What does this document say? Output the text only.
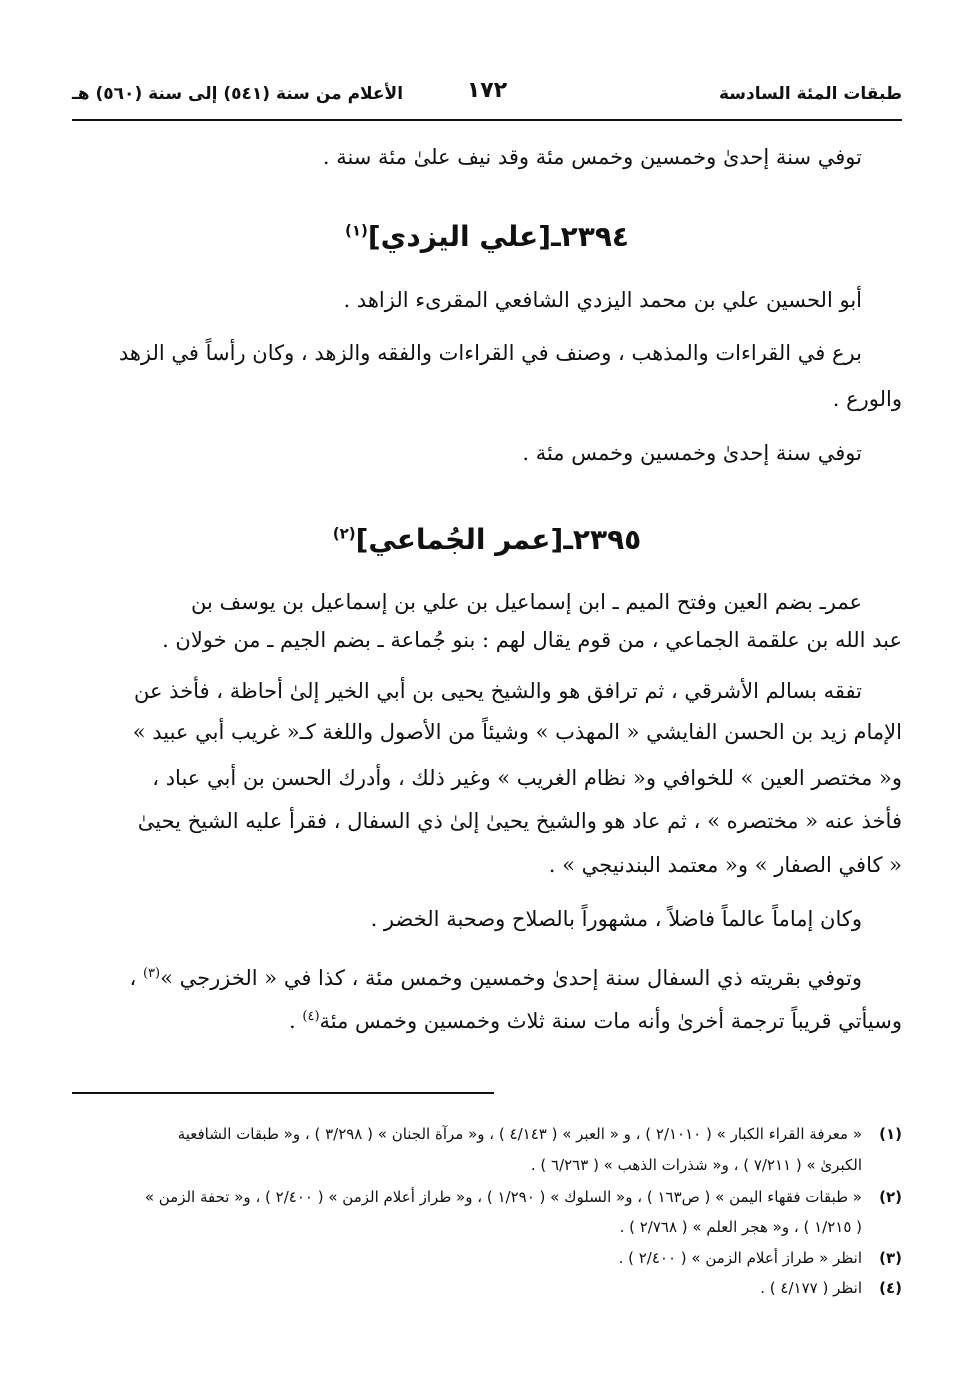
طبقات المئة السادسة
١٧٢
الأعلام من سنة (٥٤١) إلى سنة (٥٦٠) هـ
توفي سنة إحدىٰ وخمسين وخمس مئة وقد نيف علىٰ مئة سنة .
٢٣٩٤ـ[علي اليزدي]$^{(١)}$
أبو الحسين علي بن محمد اليزدي الشافعي المقرىء الزاهد .
برع في القراءات والمذهب ، وصنف في القراءات والفقه والزهد ، وكان رأساً في الزهد
والورع .
توفي سنة إحدىٰ وخمسين وخمس مئة .
٢٣٩٥ـ[عمر الجُماعي]$^{(٢)}$
عمرـ بضم العين وفتح الميم ـ ابن إسماعيل بن علي بن إسماعيل بن يوسف بن
عبد الله بن علقمة الجماعي ، من قوم يقال لهم : بنو جُماعة ـ بضم الجيم ـ من خولان .
تفقه بسالم الأشرقي ، ثم ترافق هو والشيخ يحيى بن أبي الخير إلىٰ أحاظة ، فأخذ عن
الإمام زيد بن الحسن الفايشي « المهذب » وشيئاً من الأصول واللغة كـ« غريب أبي عبيد »
و« مختصر العين » للخوافي و« نظام الغريب » وغير ذلك ، وأدرك الحسن بن أبي عباد ،
فأخذ عنه « مختصره » ، ثم عاد هو والشيخ يحيىٰ إلىٰ ذي السفال ، فقرأ عليه الشيخ يحيىٰ
« كافي الصفار » و« معتمد البندنيجي » .
وكان إماماً عالماً فاضلاً ، مشهوراً بالصلاح وصحبة الخضر .
وتوفي بقريته ذي السفال سنة إحدىٰ وخمسين وخمس مئة ، كذا في « الخزرجي »$^{(٣)}$ ،
وسيأتي قريباً ترجمة أخرىٰ وأنه مات سنة ثلاث وخمسين وخمس مئة$^{(٤)}$ .
(١)« معرفة القراء الكبار » ( ٢/١٠١٠ ) ، و « العبر » ( ٤/١٤٣ ) ، و« مرآة الجنان » ( ٣/٢٩٨ ) ، و« طبقات الشافعية
الكبرىٰ » ( ٧/٢١١ ) ، و« شذرات الذهب » ( ٦/٢٦٣ ) .
(٢)« طبقات فقهاء اليمن » ( ص١٦٣ ) ، و« السلوك » ( ١/٢٩٠ ) ، و« طراز أعلام الزمن » ( ٢/٤٠٠ ) ، و« تحفة الزمن »
( ١/٢١٥ ) ، و« هجر العلم » ( ٢/٧٦٨ ) .
(٣)انظر « طراز أعلام الزمن » ( ٢/٤٠٠ ) .
(٤)انظر ( ٤/١٧٧ ) .
